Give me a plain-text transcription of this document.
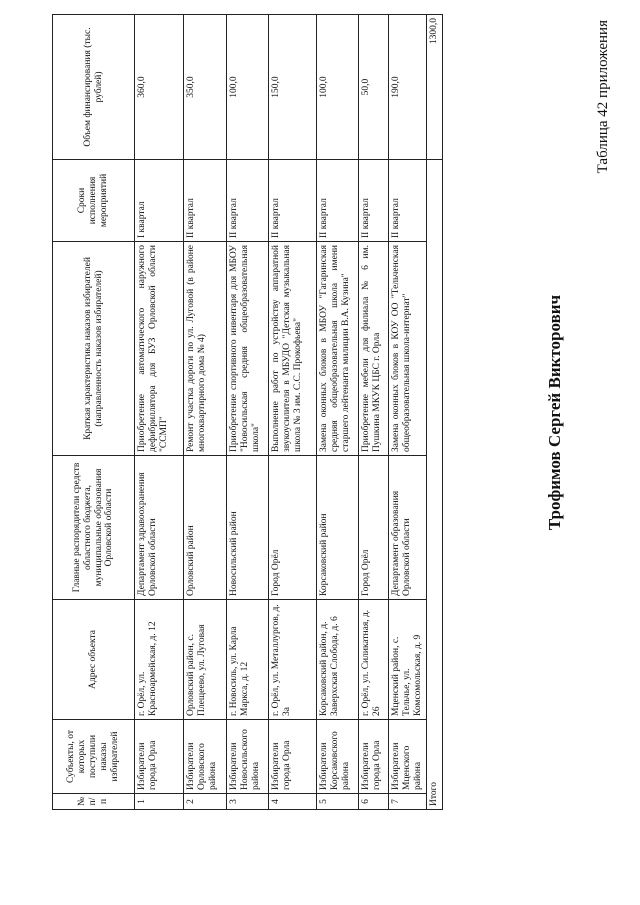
Трофимов Сергей Викторович
Таблица 42 приложения
№ п/п	Субъекты, от которых поступили наказы избирателей	Адрес объекта	Главные распорядители средств областного бюджета, муниципальные образования Орловской области	Краткая характеристика наказов избирателей (направленность наказов избирателей)	Сроки исполнения мероприятий	Объем финансирования (тыс. рублей)
1	Избиратели города Орла	г. Орёл, ул. Красноармейская, д. 12	Департамент здравоохранения Орловской области	Приобретение автоматического наружного дефибриллятора для БУЗ Орловской области "ССМП"	I квартал	360,0
2	Избиратели Орловского района	Орловский район, с. Плещеево, ул. Луговая	Орловский район	Ремонт участка дороги по ул. Луговой (в районе многоквартирного дома № 4)	II квартал	350,0
3	Избиратели Новосильского района	г. Новосиль, ул. Карла Маркса, д. 12	Новосильский район	Приобретение спортивного инвентаря для МБОУ "Новосильская средняя общеобразовательная школа"	II квартал	100,0
4	Избиратели города Орла	г. Орёл, ул. Металлургов, д. 3а	Город Орёл	Выполнение работ по устройству аппаратной звукоусилителя в МБУДО "Детская музыкальная школа № 3 им. С.С. Прокофьева"	II квартал	150,0
5	Избиратели Корсаковского района	Корсаковский район, д. Заверхская Слобода, д. 6	Корсаковский район	Замена оконных блоков в МБОУ "Гагаринская средняя общеобразовательная школа имени старшего лейтенанта милиции В.А. Кузина"	II квартал	100,0
6	Избиратели города Орла	г. Орёл, ул. Силикатная, д. 26	Город Орёл	Приобретение мебели для филиала № 6 им. Пушкина МКУК ЦБС г. Орла	II квартал	50,0
7	Избиратели Мценского района	Мценский район, с. Тельчье, ул. Комсомольская, д. 9	Департамент образования Орловской области	Замена оконных блоков в КОУ ОО "Тельченская общеобразовательная школа-интернат"	II квартал	190,0
Итого						1300,0
